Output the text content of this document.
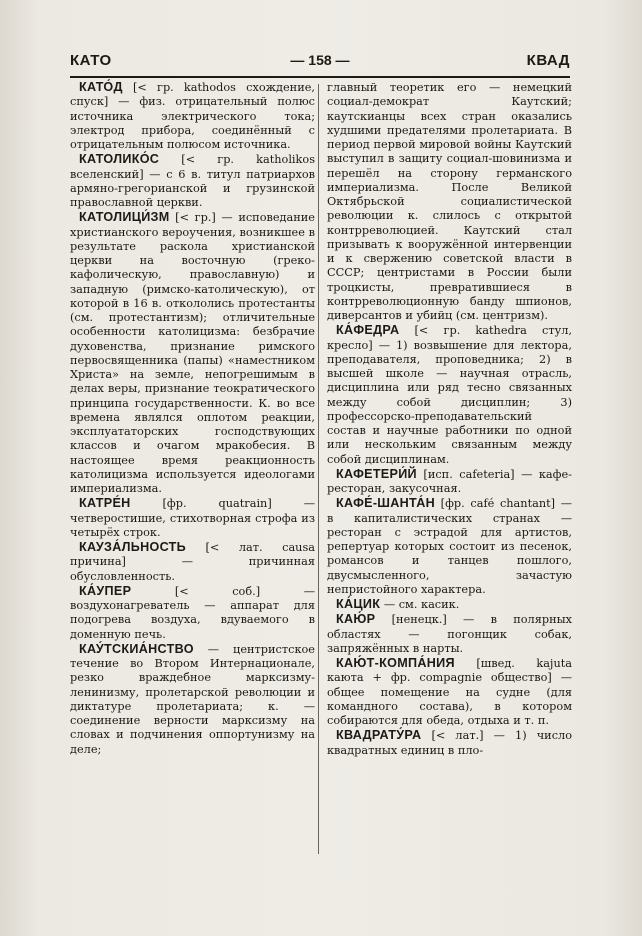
КАТО	— 158 —	КВАД

КАТО́Д [< гр. kathodos схождение, спуск] — физ. отрицательный полюс источника электрического тока; электрод прибора, соединённый с отрицательным полюсом источника.

КАТОЛИКО́С [< гр. katholikos вселенский] — с 6 в. титул патриархов армяно-грегорианской и грузинской православной церкви.

КАТОЛИЦИ́ЗМ [< гр.] — исповедание христианского вероучения, возникшее в результате раскола христианской церкви на восточную (греко-кафолическую, православную) и западную (римско-католическую), от которой в 16 в. откололись протестанты (см. протестантизм); отличительные особенности католицизма: безбрачие духовенства, признание римского первосвященника (папы) «наместником Христа» на земле, непогрешимым в делах веры, признание теократического принципа государственности. К. во все времена являлся оплотом реакции, эксплуататорских господствующих классов и очагом мракобесия. В настоящее время реакционность католицизма используется идеологами империализма.

КАТРЕ́Н [фр. quatrain] — четверостишие, стихотворная строфа из четырёх строк.

КАУЗА́ЛЬНОСТЬ [< лат. causa причина] — причинная обусловленность.

КА́УПЕР [< соб.] — воздухонагреватель — аппарат для подогрева воздуха, вдуваемого в доменную печь.

КАУ́ТСКИА́НСТВО — центристское течение во Втором Интернационале, резко враждебное марксизму-ленинизму, пролетарской революции и диктатуре пролетариата; к. — соединение верности марксизму на словах и подчинения оппортунизму на деле;

главный теоретик его — немецкий социал-демократ Каутский; каутскианцы всех стран оказались худшими предателями пролетариата. В период первой мировой войны Каутский выступил в защиту социал-шовинизма и перешёл на сторону германского империализма. После Великой Октябрьской социалистической революции к. слилось с открытой контрреволюцией. Каутский стал призывать к вооружённой интервенции и к свержению советской власти в СССР; центристами в России были троцкисты, превратившиеся в контрреволюционную банду шпионов, диверсантов и убийц (см. центризм).

КА́ФЕДРА [< гр. kathedra стул, кресло] — 1) возвышение для лектора, преподавателя, проповедника; 2) в высшей школе — научная отрасль, дисциплина или ряд тесно связанных между собой дисциплин; 3) профессорско-преподавательский состав и научные работники по одной или нескольким связанным между собой дисциплинам.

КАФЕТЕРИ́Й [исп. cafeteria] — кафе-ресторан, закусочная.

КАФЕ́-ШАНТА́Н [фр. café chantant] — в капиталистических странах — ресторан с эстрадой для артистов, репертуар которых состоит из песенок, романсов и танцев пошлого, двусмысленного, зачастую непристойного характера.

КА́ЦИК — см. касик.

КАЮ́Р [ненецк.] — в полярных областях — погонщик собак, запряжённых в нарты.

КАЮ́Т-КОМПА́НИЯ [швед. kajuta каюта + фр. compagnie общество] — общее помещение на судне (для командного состава), в котором собираются для обеда, отдыха и т. п.

КВАДРАТУ́РА [< лат.] — 1) число квадратных единиц в пло-
